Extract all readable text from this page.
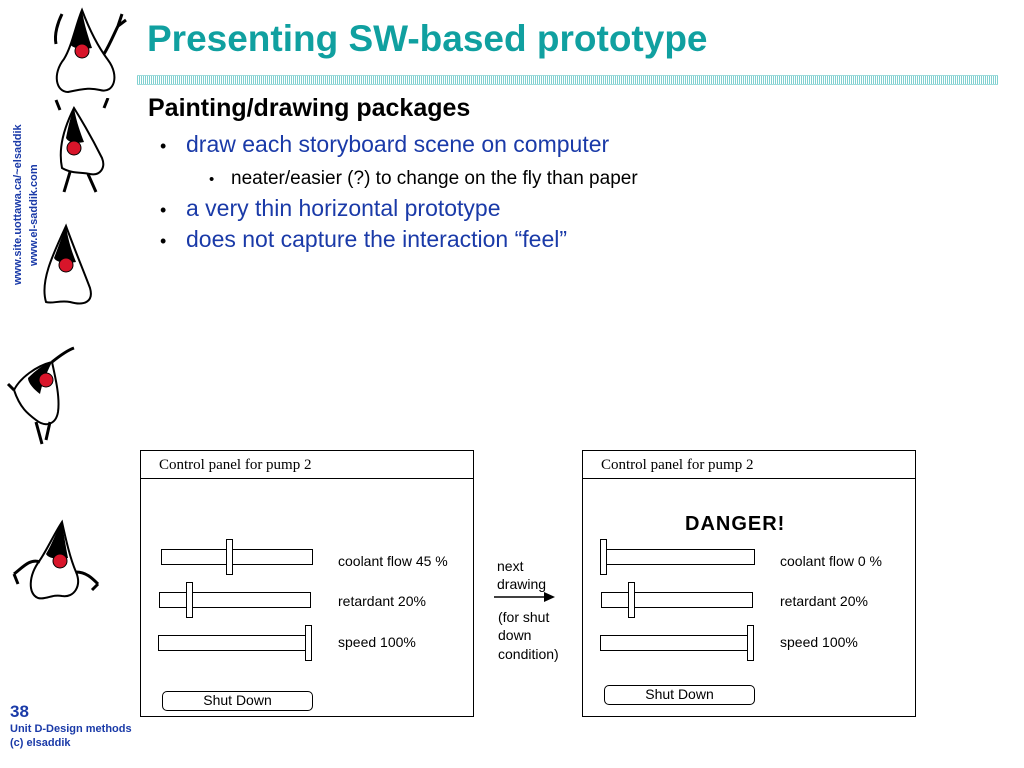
www.site.uottawa.ca/~elsaddik www.el-saddik.com
Presenting SW-based prototype
Painting/drawing packages
• draw each storyboard scene on computer
• neater/easier (?) to change on the fly than paper
• a very thin horizontal prototype
• does not capture the interaction “feel”
Control panel for pump 2
coolant flow 45 %
retardant 20%
speed 100%
Shut Down
next
drawing
(for shut
down
condition)
Control panel for pump 2
DANGER!
coolant flow 0 %
retardant 20%
speed 100%
Shut Down
38
Unit D-Design methods
(c) elsaddik
